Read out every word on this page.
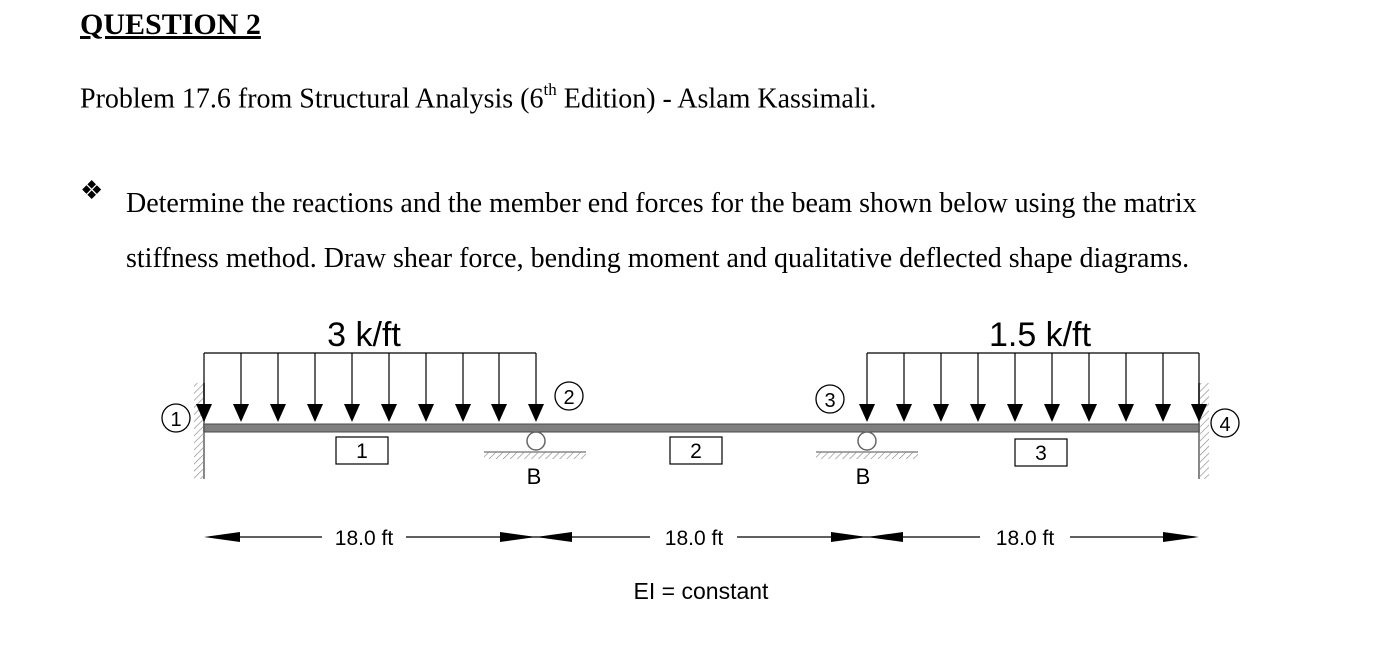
QUESTION 2
Problem 17.6 from Structural Analysis (6th Edition) - Aslam Kassimali.
❖ Determine the reactions and the member end forces for the beam shown below using the matrix
stiffness method. Draw shear force, bending moment and qualitative deflected shape diagrams.

3 k/ft	1.5 k/ft
1
2	3
4
B	B
1	2	3
18.0 ft	18.0 ft	18.0 ft
EI = constant
